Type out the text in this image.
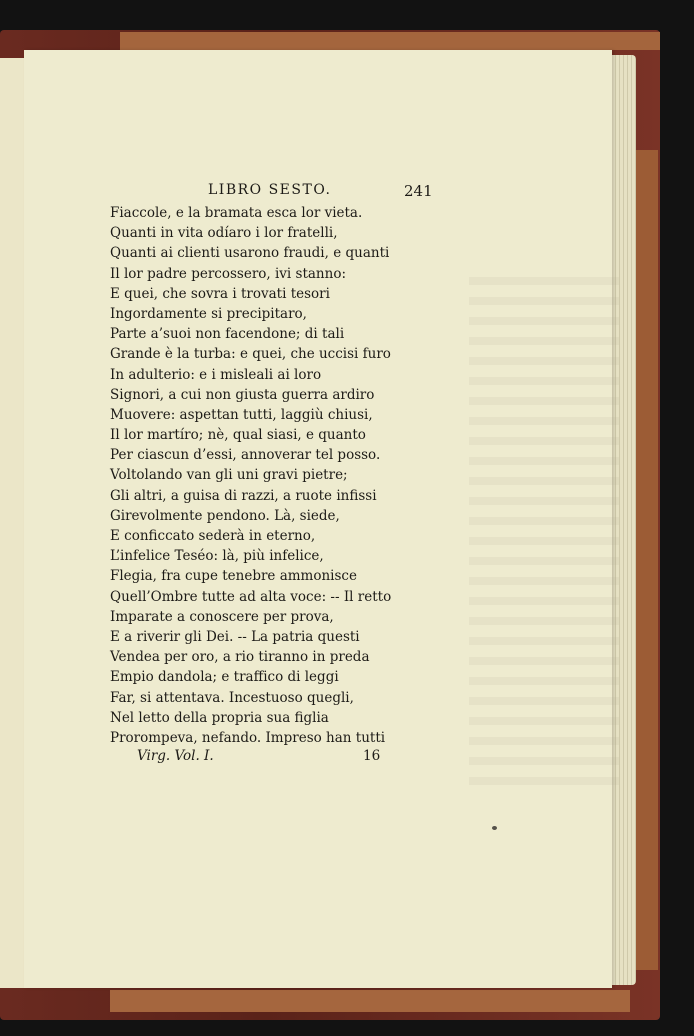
LIBRO SESTO.	241
Fiaccole, e la bramata esca lor vieta.
Quanti in vita odíaro i lor fratelli,
Quanti ai clienti usarono fraudi, e quanti
Il lor padre percossero, ivi stanno:
E quei, che sovra i trovati tesori
Ingordamente si precipitaro,
Parte a’suoi non facendone; di tali
Grande è la turba: e quei, che uccisi furo
In adulterio: e i misleali ai loro
Signori, a cui non giusta guerra ardiro
Muovere: aspettan tutti, laggiù chiusi,
Il lor martíro; nè, qual siasi, e quanto
Per ciascun d’essi, annoverar tel posso.
Voltolando van gli uni gravi pietre;
Gli altri, a guisa di razzi, a ruote infissi
Girevolmente pendono. Là, siede,
E conficcato sederà in eterno,
L’infelice Teséo: là, più infelice,
Flegia, fra cupe tenebre ammonisce
Quell’Ombre tutte ad alta voce: -- Il retto
Imparate a conoscere per prova,
E a riverir gli Dei. -- La patria questi
Vendea per oro, a rio tiranno in preda
Empio dandola; e traffico di leggi
Far, si attentava. Incestuoso quegli,
Nel letto della propria sua figlia
Prorompeva, nefando. Impreso han tutti
Virg. Vol. I.	16
